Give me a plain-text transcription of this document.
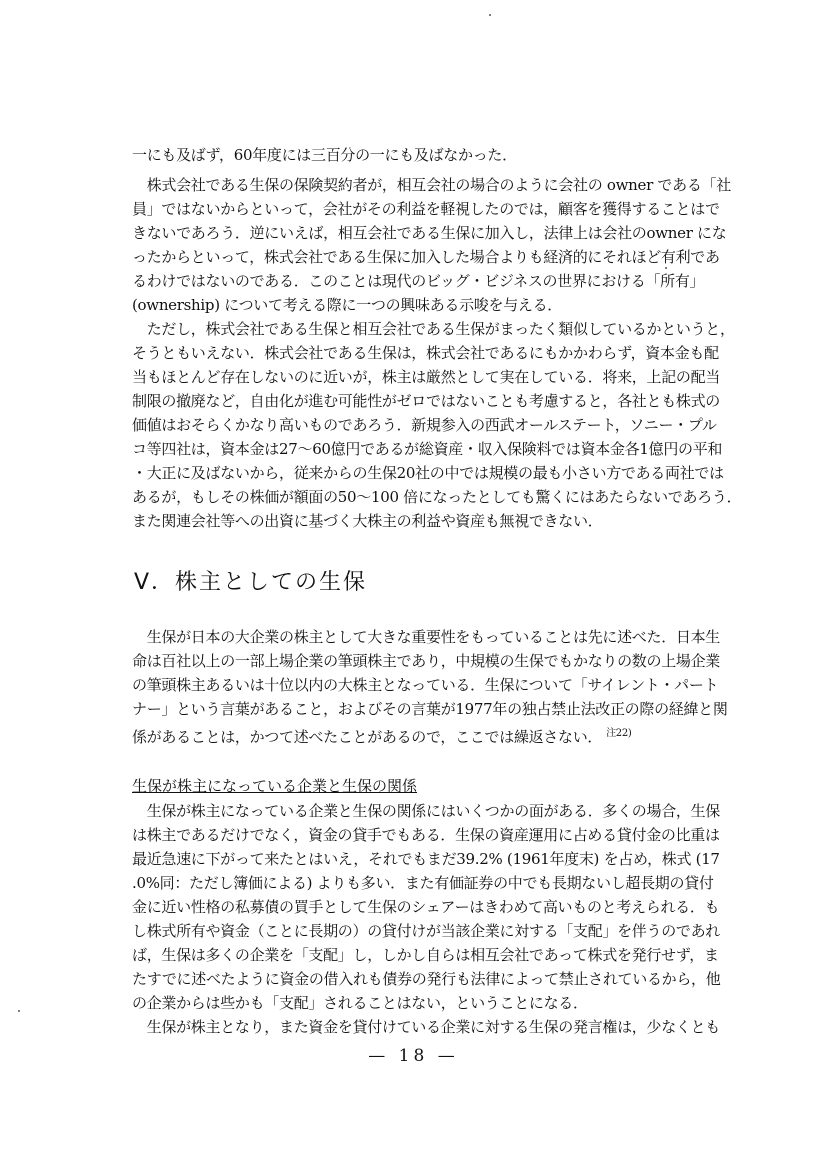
一にも及ばず，60年度には三百分の一にも及ばなかった．
　株式会社である生保の保険契約者が，相互会社の場合のように会社の owner である「社
員」ではないからといって，会社がその利益を軽視したのでは，顧客を獲得することはで
きないであろう．逆にいえば，相互会社である生保に加入し，法律上は会社のowner にな
ったからといって，株式会社である生保に加入した場合よりも経済的にそれほど有利であ
るわけではないのである．このことは現代のビッグ・ビジネスの世界における「所有」
(ownership) について考える際に一つの興味ある示唆を与える．
　ただし，株式会社である生保と相互会社である生保がまったく類似しているかというと，
そうともいえない．株式会社である生保は，株式会社であるにもかかわらず，資本金も配
当もほとんど存在しないのに近いが，株主は厳然として実在している．将来，上記の配当
制限の撤廃など，自由化が進む可能性がゼロではないことも考慮すると，各社とも株式の
価値はおそらくかなり高いものであろう．新規参入の西武オールステート，ソニー・プル
コ等四社は，資本金は27〜60億円であるが総資産・収入保険料では資本金各1億円の平和
・大正に及ばないから，従来からの生保20社の中では規模の最も小さい方である両社では
あるが，もしその株価が額面の50〜100 倍になったとしても驚くにはあたらないであろう．
また関連会社等への出資に基づく大株主の利益や資産も無視できない．
Ⅴ．株主としての生保
　生保が日本の大企業の株主として大きな重要性をもっていることは先に述べた．日本生
命は百社以上の一部上場企業の筆頭株主であり，中規模の生保でもかなりの数の上場企業
の筆頭株主あるいは十位以内の大株主となっている．生保について「サイレント・パート
ナー」という言葉があること，およびその言葉が1977年の独占禁止法改正の際の経緯と関
係があることは，かつて述べたことがあるので，ここでは繰返さない． $^{注22)}$
生保が株主になっている企業と生保の関係
　生保が株主になっている企業と生保の関係にはいくつかの面がある．多くの場合，生保
は株主であるだけでなく，資金の貸手でもある．生保の資産運用に占める貸付金の比重は
最近急速に下がって来たとはいえ，それでもまだ39.2% (1961年度末) を占め，株式 (17
.0%同：ただし簿価による) よりも多い．また有価証券の中でも長期ないし超長期の貸付
金に近い性格の私募債の買手として生保のシェアーはきわめて高いものと考えられる．も
し株式所有や資金（ことに長期の）の貸付けが当該企業に対する「支配」を伴うのであれ
ば，生保は多くの企業を「支配」し，しかし自らは相互会社であって株式を発行せず，ま
たすでに述べたように資金の借入れも債券の発行も法律によって禁止されているから，他
の企業からは些かも「支配」されることはない，ということになる．
　生保が株主となり，また資金を貸付けている企業に対する生保の発言権は，少なくとも
— 18 —
